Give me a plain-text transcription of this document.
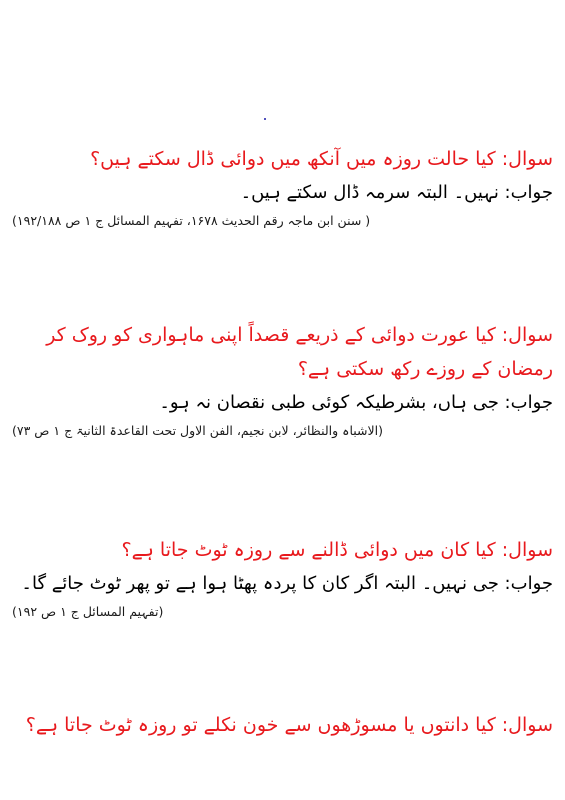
سوال: کیا حالت روزہ میں آنکھ میں دوائی ڈال سکتے ہیں؟

جواب: نہیں۔ البتہ سرمہ ڈال سکتے ہیں۔

( سنن ابن ماجہ رقم الحدیث ۱۶۷۸، تفہیم المسائل ج ۱ ص ۱۹۲/۱۸۸)

سوال: کیا عورت دوائی کے ذریعے قصداً اپنی ماہواری کو روک کر رمضان کے روزے رکھ سکتی ہے؟

جواب: جی ہاں، بشرطیکہ کوئی طبی نقصان نہ ہو۔

(الاشباہ والنظائر، لابن نجیم، الفن الاول تحت القاعدۃ الثانیۃ ج ۱ ص ۷۳)

سوال: کیا کان میں دوائی ڈالنے سے روزہ ٹوٹ جاتا ہے؟

جواب: جی نہیں۔ البتہ اگر کان کا پردہ پھٹا ہوا ہے تو پھر ٹوٹ جائے گا۔

(تفہیم المسائل ج ۱ ص ۱۹۲)

سوال: کیا دانتوں یا مسوڑھوں سے خون نکلے تو روزہ ٹوٹ جاتا ہے؟
